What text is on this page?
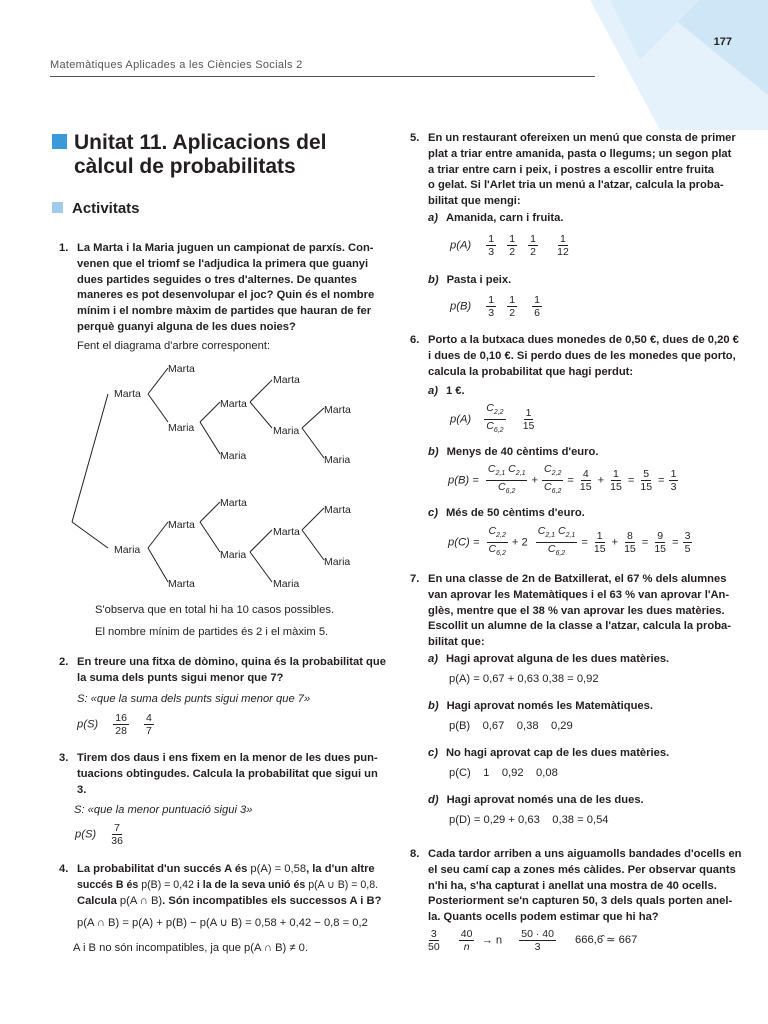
177
Matemàtiques Aplicades a les Ciències Socials 2
Unitat 11. Aplicacions del
càlcul de probabilitats
Activitats
1. La Marta i la Maria juguen un campionat de parxís. Con-
venen que el triomf se l'adjudica la primera que guanyi
dues partides seguides o tres d'alternes. De quantes
maneres es pot desenvolupar el joc? Quin és el nombre
mínim i el nombre màxim de partides que hauran de fer
perquè guanyi alguna de les dues noies?
Fent el diagrama d'arbre corresponent:
Marta
Marta
Maria
Marta
Maria
Marta
Maria
Marta
Maria
Maria
Marta
Marta
Marta
Maria
Marta
Maria
Marta
Maria
S'observa que en total hi ha 10 casos possibles.
El nombre mínim de partides és 2 i el màxim 5.
2. En treure una fitxa de dòmino, quina és la probabilitat que
la suma dels punts sigui menor que 7?
S: «que la suma dels punts sigui menor que 7»
$p(S) \frac{16}{28}$
$\frac{4}{7}$
3. Tirem dos daus i ens fixem en la menor de les dues pun-
tuacions obtingudes. Calcula la probabilitat que sigui un
3.
S: «que la menor puntuació sigui 3»
$p(S) \frac{7}{36}$
4. La probabilitat d'un succés A és p(A) = 0,58, la d'un altre
succés B és p(B) = 0,42 i la de la seva unió és p(A ∪ B) = 0,8.
Calcula p(A ∩ B). Són incompatibles els successos A i B?
p(A ∩ B) = p(A) + p(B) − p(A ∪ B) = 0,58 + 0,42 − 0,8 = 0,2
A i B no són incompatibles, ja que p(A ∩ B) ≠ 0.
5. En un restaurant ofereixen un menú que consta de primer
plat a triar entre amanida, pasta o llegums; un segon plat
a triar entre carn i peix, i postres a escollir entre fruita
o gelat. Si l'Arlet tria un menú a l'atzar, calcula la proba-
bilitat que mengi:
a) Amanida, carn i fruita.
$p(A) \frac{1}{3}$
$\frac{1}{2}$
$\frac{1}{2}$
$\frac{1}{12}$
b) Pasta i peix.
$p(B) \frac{1}{3}$
$\frac{1}{2}$
$\frac{1}{6}$
6. Porto a la butxaca dues monedes de 0,50 €, dues de 0,20 €
i dues de 0,10 €. Si perdo dues de les monedes que porto,
calcula la probabilitat que hagi perdut:
a) 1 €.
$p(A) \frac{C_{2,2}}{C_{6,2}}$
$\frac{1}{15}$
b) Menys de 40 cèntims d'euro.
$p(B) = \frac{C_{2,1} C_{2,1}}{C_{6,2}} + \frac{C_{2,2}}{C_{6,2}} = \frac{4}{15} + \frac{1}{15} = \frac{5}{15} = \frac{1}{3}$
c) Més de 50 cèntims d'euro.
$p(C) = \frac{C_{2,2}}{C_{6,2}} + 2 \frac{C_{2,1} C_{2,1}}{C_{6,2}} = \frac{1}{15} + \frac{8}{15} = \frac{9}{15} = \frac{3}{5}$
7. En una classe de 2n de Batxillerat, el 67 % dels alumnes
van aprovar les Matemàtiques i el 63 % van aprovar l'An-
glès, mentre que el 38 % van aprovar les dues matèries.
Escollit un alumne de la classe a l'atzar, calcula la proba-
bilitat que:
a) Hagi aprovat alguna de les dues matèries.
p(A) = 0,67 + 0,63 0,38 = 0,92
b) Hagi aprovat només les Matemàtiques.
p(B)    0,67    0,38    0,29
c) No hagi aprovat cap de les dues matèries.
p(C)    1    0,92    0,08
d) Hagi aprovat només una de les dues.
p(D) = 0,29 + 0,63    0,38 = 0,54
8. Cada tardor arriben a uns aiguamolls bandades d'ocells en
el seu camí cap a zones més càlides. Per observar quants
n'hi ha, s'ha capturat i anellat una mostra de 40 ocells.
Posteriorment se'n capturen 50, 3 dels quals porten anel-
la. Quants ocells podem estimar que hi ha?
$\frac{3}{50}$
$\frac{40}{n} \to n \frac{50 \cdot 40}{3}$ 666,6̂ ≃ 667
